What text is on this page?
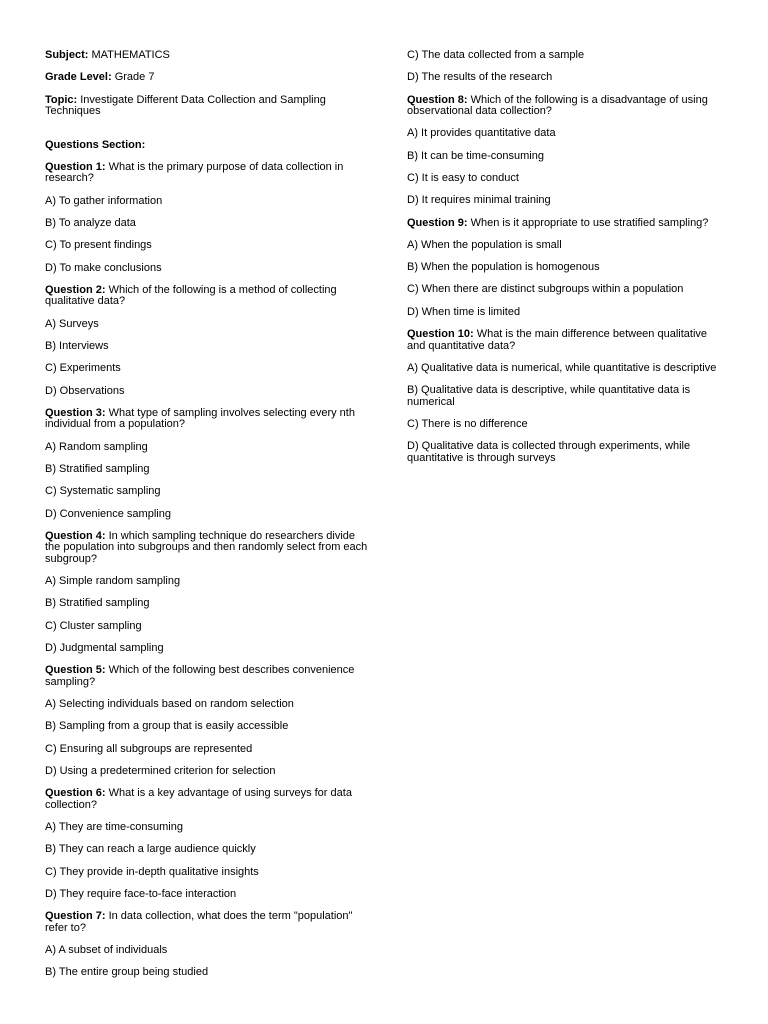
Subject: MATHEMATICS

Grade Level: Grade 7

Topic: Investigate Different Data Collection and Sampling Techniques

Questions Section:

Question 1: What is the primary purpose of data collection in research?

A) To gather information

B) To analyze data

C) To present findings

D) To make conclusions

Question 2: Which of the following is a method of collecting qualitative data?

A) Surveys

B) Interviews

C) Experiments

D) Observations

Question 3: What type of sampling involves selecting every nth individual from a population?

A) Random sampling

B) Stratified sampling

C) Systematic sampling

D) Convenience sampling

Question 4: In which sampling technique do researchers divide the population into subgroups and then randomly select from each subgroup?

A) Simple random sampling

B) Stratified sampling

C) Cluster sampling

D) Judgmental sampling

Question 5: Which of the following best describes convenience sampling?

A) Selecting individuals based on random selection

B) Sampling from a group that is easily accessible

C) Ensuring all subgroups are represented

D) Using a predetermined criterion for selection

Question 6: What is a key advantage of using surveys for data collection?

A) They are time-consuming

B) They can reach a large audience quickly

C) They provide in-depth qualitative insights

D) They require face-to-face interaction

Question 7: In data collection, what does the term "population" refer to?

A) A subset of individuals

B) The entire group being studied

C) The data collected from a sample

D) The results of the research

Question 8: Which of the following is a disadvantage of using observational data collection?

A) It provides quantitative data

B) It can be time-consuming

C) It is easy to conduct

D) It requires minimal training

Question 9: When is it appropriate to use stratified sampling?

A) When the population is small

B) When the population is homogenous

C) When there are distinct subgroups within a population

D) When time is limited

Question 10: What is the main difference between qualitative and quantitative data?

A) Qualitative data is numerical, while quantitative is descriptive

B) Qualitative data is descriptive, while quantitative data is numerical

C) There is no difference

D) Qualitative data is collected through experiments, while quantitative is through surveys
